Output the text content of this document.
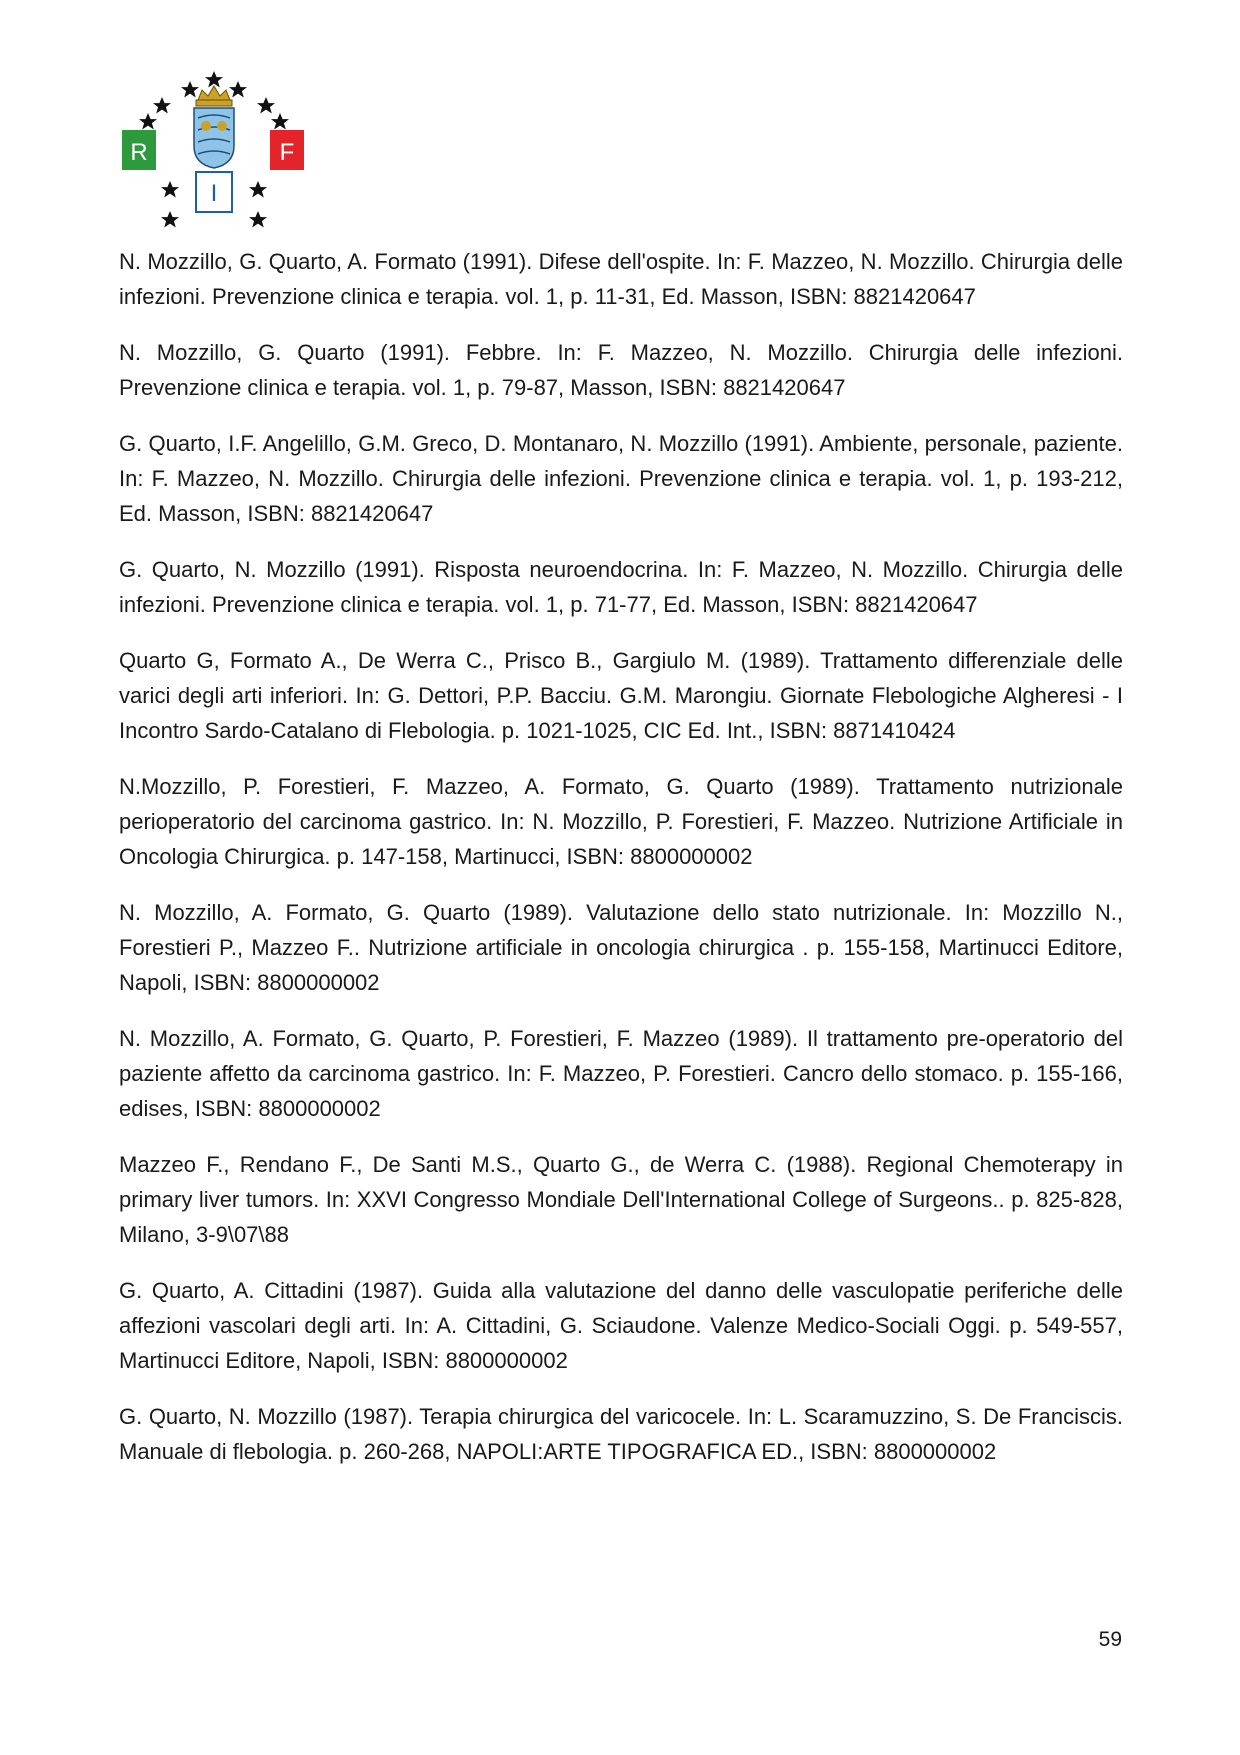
R	F
I

N. Mozzillo, G. Quarto, A. Formato (1991). Difese dell'ospite. In: F. Mazzeo, N. Mozzillo. Chirurgia delle infezioni. Prevenzione clinica e terapia. vol. 1, p. 11-31, Ed. Masson, ISBN: 8821420647

N. Mozzillo, G. Quarto (1991). Febbre. In: F. Mazzeo, N. Mozzillo. Chirurgia delle infezioni. Prevenzione clinica e terapia. vol. 1, p. 79-87, Masson, ISBN: 8821420647

G. Quarto, I.F. Angelillo, G.M. Greco, D. Montanaro, N. Mozzillo (1991). Ambiente, personale, paziente. In: F. Mazzeo, N. Mozzillo. Chirurgia delle infezioni. Prevenzione clinica e terapia. vol. 1, p. 193-212, Ed. Masson, ISBN: 8821420647

G. Quarto, N. Mozzillo (1991). Risposta neuroendocrina. In: F. Mazzeo, N. Mozzillo. Chirurgia delle infezioni. Prevenzione clinica e terapia. vol. 1, p. 71-77, Ed. Masson, ISBN: 8821420647

Quarto G, Formato A., De Werra C., Prisco B., Gargiulo M. (1989). Trattamento differenziale delle varici degli arti inferiori. In: G. Dettori, P.P. Bacciu. G.M. Marongiu. Giornate Flebologiche Algheresi - I Incontro Sardo-Catalano di Flebologia. p. 1021-1025, CIC Ed. Int., ISBN: 8871410424

N.Mozzillo, P. Forestieri, F. Mazzeo, A. Formato, G. Quarto (1989). Trattamento nutrizionale perioperatorio del carcinoma gastrico. In: N. Mozzillo, P. Forestieri, F. Mazzeo. Nutrizione Artificiale in Oncologia Chirurgica. p. 147-158, Martinucci, ISBN: 8800000002

N. Mozzillo, A. Formato, G. Quarto (1989). Valutazione dello stato nutrizionale. In: Mozzillo N., Forestieri P., Mazzeo F.. Nutrizione artificiale in oncologia chirurgica . p. 155-158, Martinucci Editore, Napoli, ISBN: 8800000002

N. Mozzillo, A. Formato, G. Quarto, P. Forestieri, F. Mazzeo (1989). Il trattamento pre-operatorio del paziente affetto da carcinoma gastrico. In: F. Mazzeo, P. Forestieri. Cancro dello stomaco. p. 155-166, edises, ISBN: 8800000002

Mazzeo F., Rendano F., De Santi M.S., Quarto G., de Werra C. (1988). Regional Chemoterapy in primary liver tumors. In: XXVI Congresso Mondiale Dell'International College of Surgeons.. p. 825-828, Milano, 3-9\07\88

G. Quarto, A. Cittadini (1987). Guida alla valutazione del danno delle vasculopatie periferiche delle affezioni vascolari degli arti. In: A. Cittadini, G. Sciaudone. Valenze Medico-Sociali Oggi. p. 549-557, Martinucci Editore, Napoli, ISBN: 8800000002

G. Quarto, N. Mozzillo (1987). Terapia chirurgica del varicocele. In: L. Scaramuzzino, S. De Franciscis. Manuale di flebologia. p. 260-268, NAPOLI:ARTE TIPOGRAFICA ED., ISBN: 8800000002

59
